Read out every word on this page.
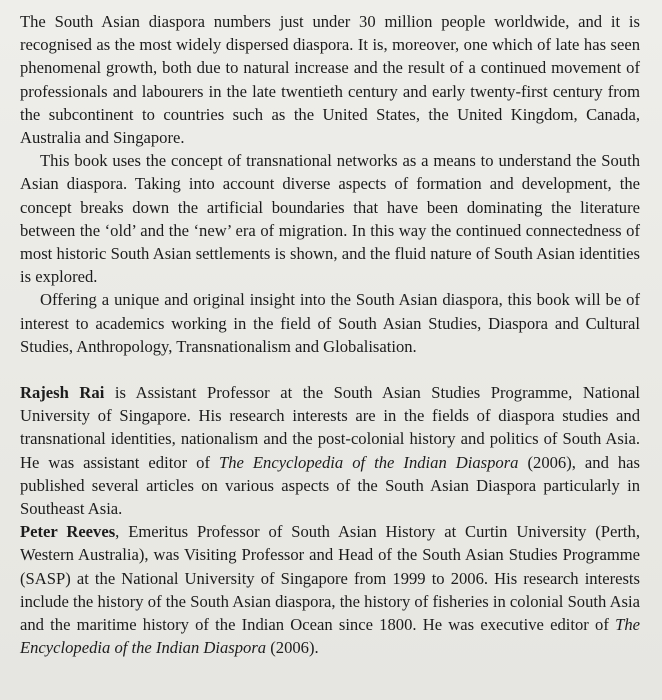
The South Asian diaspora numbers just under 30 million people worldwide, and it is recognised as the most widely dispersed diaspora. It is, moreover, one which of late has seen phenomenal growth, both due to natural increase and the result of a continued movement of professionals and labourers in the late twentieth century and early twenty-first century from the subcontinent to countries such as the United States, the United Kingdom, Canada, Australia and Singapore.

This book uses the concept of transnational networks as a means to understand the South Asian diaspora. Taking into account diverse aspects of formation and development, the concept breaks down the artificial boundaries that have been dominating the literature between the ‘old’ and the ‘new’ era of migration. In this way the continued connectedness of most historic South Asian settlements is shown, and the fluid nature of South Asian identities is explored.

Offering a unique and original insight into the South Asian diaspora, this book will be of interest to academics working in the field of South Asian Studies, Diaspora and Cultural Studies, Anthropology, Transnationalism and Globalisation.

Rajesh Rai is Assistant Professor at the South Asian Studies Programme, National University of Singapore. His research interests are in the fields of diaspora studies and transnational identities, nationalism and the post-colonial history and politics of South Asia. He was assistant editor of The Encyclopedia of the Indian Diaspora (2006), and has published several articles on various aspects of the South Asian Diaspora particularly in Southeast Asia.

Peter Reeves, Emeritus Professor of South Asian History at Curtin University (Perth, Western Australia), was Visiting Professor and Head of the South Asian Studies Programme (SASP) at the National University of Singapore from 1999 to 2006. His research interests include the history of the South Asian diaspora, the history of fisheries in colonial South Asia and the maritime history of the Indian Ocean since 1800. He was executive editor of The Encyclopedia of the Indian Diaspora (2006).
